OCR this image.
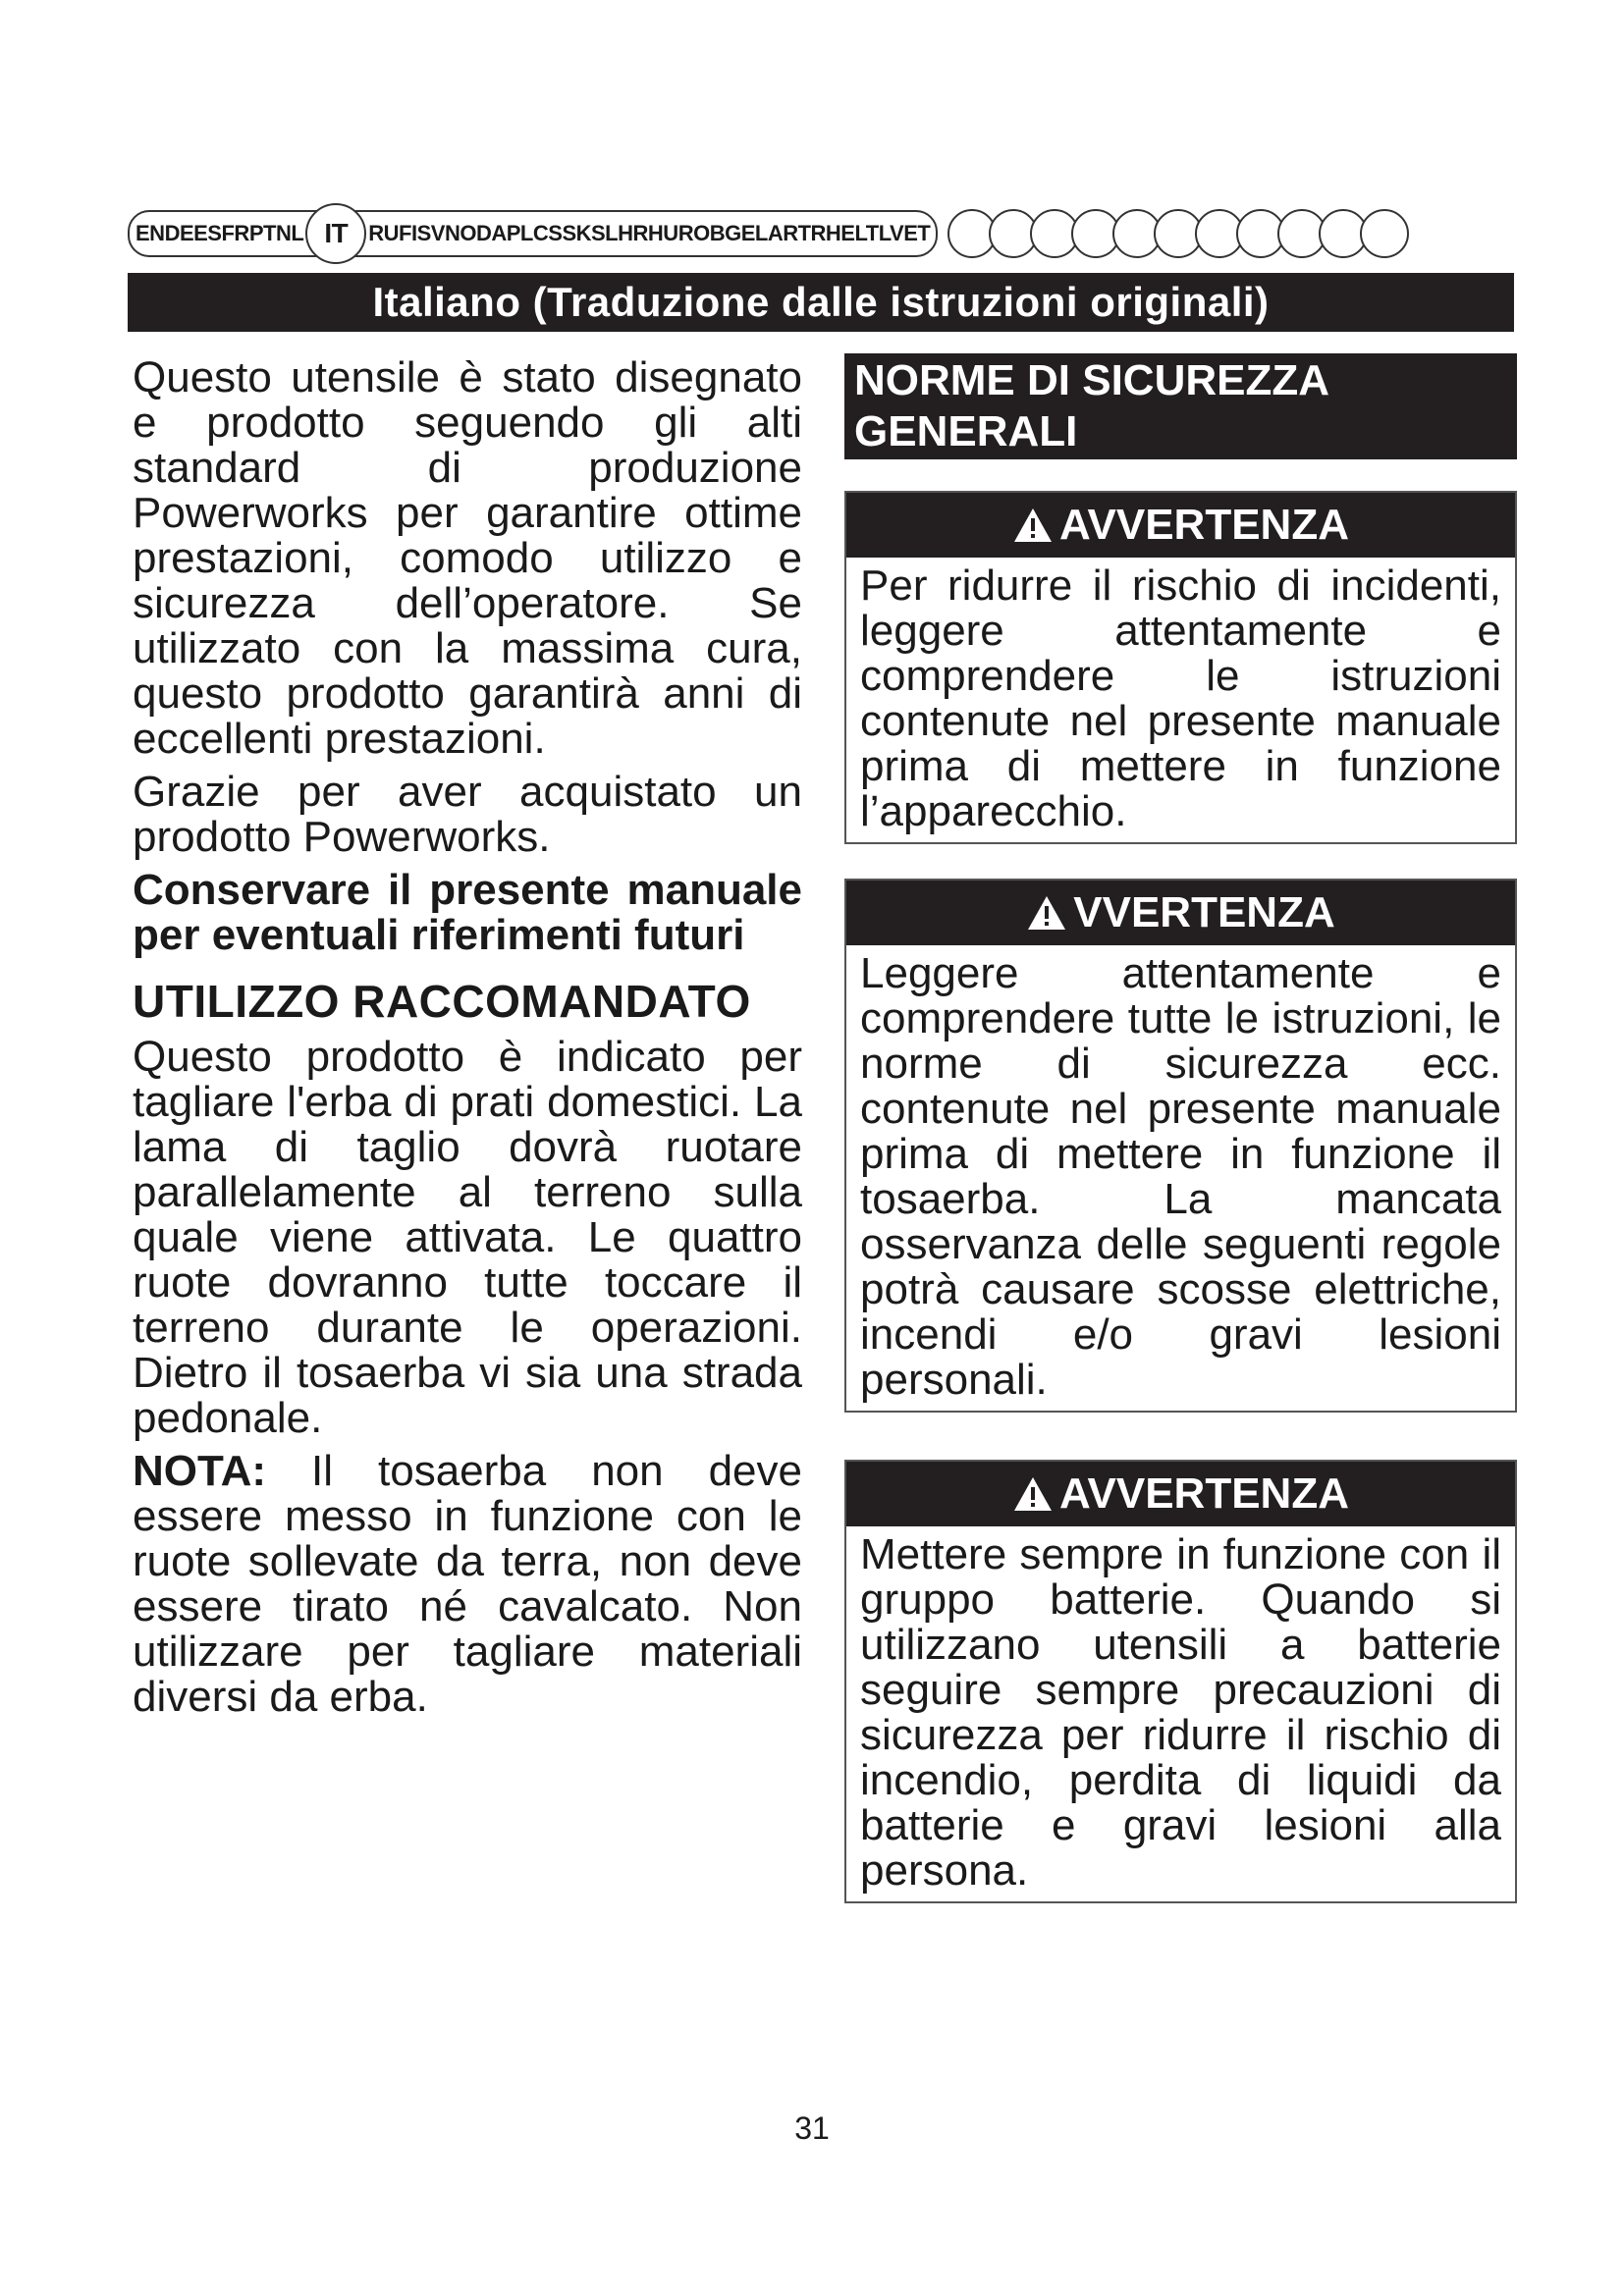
EN DE ES FR PT NL IT RU FI SV NO DA PL CS SK SL HR HU RO BG EL AR TR HE LT LV ET
Italiano (Traduzione dalle istruzioni originali)

Questo utensile è stato disegnato e prodotto seguendo gli alti standard di produzione Powerworks per garantire ottime prestazioni, comodo utilizzo e sicurezza dell’operatore. Se utilizzato con la massima cura, questo prodotto garantirà anni di eccellenti prestazioni.

Grazie per aver acquistato un prodotto Powerworks.

Conservare il presente manuale per eventuali riferimenti futuri

UTILIZZO RACCOMANDATO

Questo prodotto è indicato per tagliare l'erba di prati domestici. La lama di taglio dovrà ruotare parallelamente al terreno sulla quale viene attivata. Le quattro ruote dovranno tutte toccare il terreno durante le operazioni. Dietro il tosaerba vi sia una strada pedonale.

NOTA: Il tosaerba non deve essere messo in funzione con le ruote sollevate da terra, non deve essere tirato né cavalcato. Non utilizzare per tagliare materiali diversi da erba.

NORME DI SICUREZZA GENERALI
AVVERTENZA
Per ridurre il rischio di incidenti, leggere attentamente e comprendere le istruzioni contenute nel presente manuale prima di mettere in funzione l’apparecchio.
VVERTENZA
Leggere attentamente e comprendere tutte le istruzioni, le norme di sicurezza ecc. contenute nel presente manuale prima di mettere in funzione il tosaerba. La mancata osservanza delle seguenti regole potrà causare scosse elettriche, incendi e/o gravi lesioni personali.
AVVERTENZA
Mettere sempre in funzione con il gruppo batterie. Quando si utilizzano utensili a batterie seguire sempre precauzioni di sicurezza per ridurre il rischio di incendio, perdita di liquidi da batterie e gravi lesioni alla persona.
31
